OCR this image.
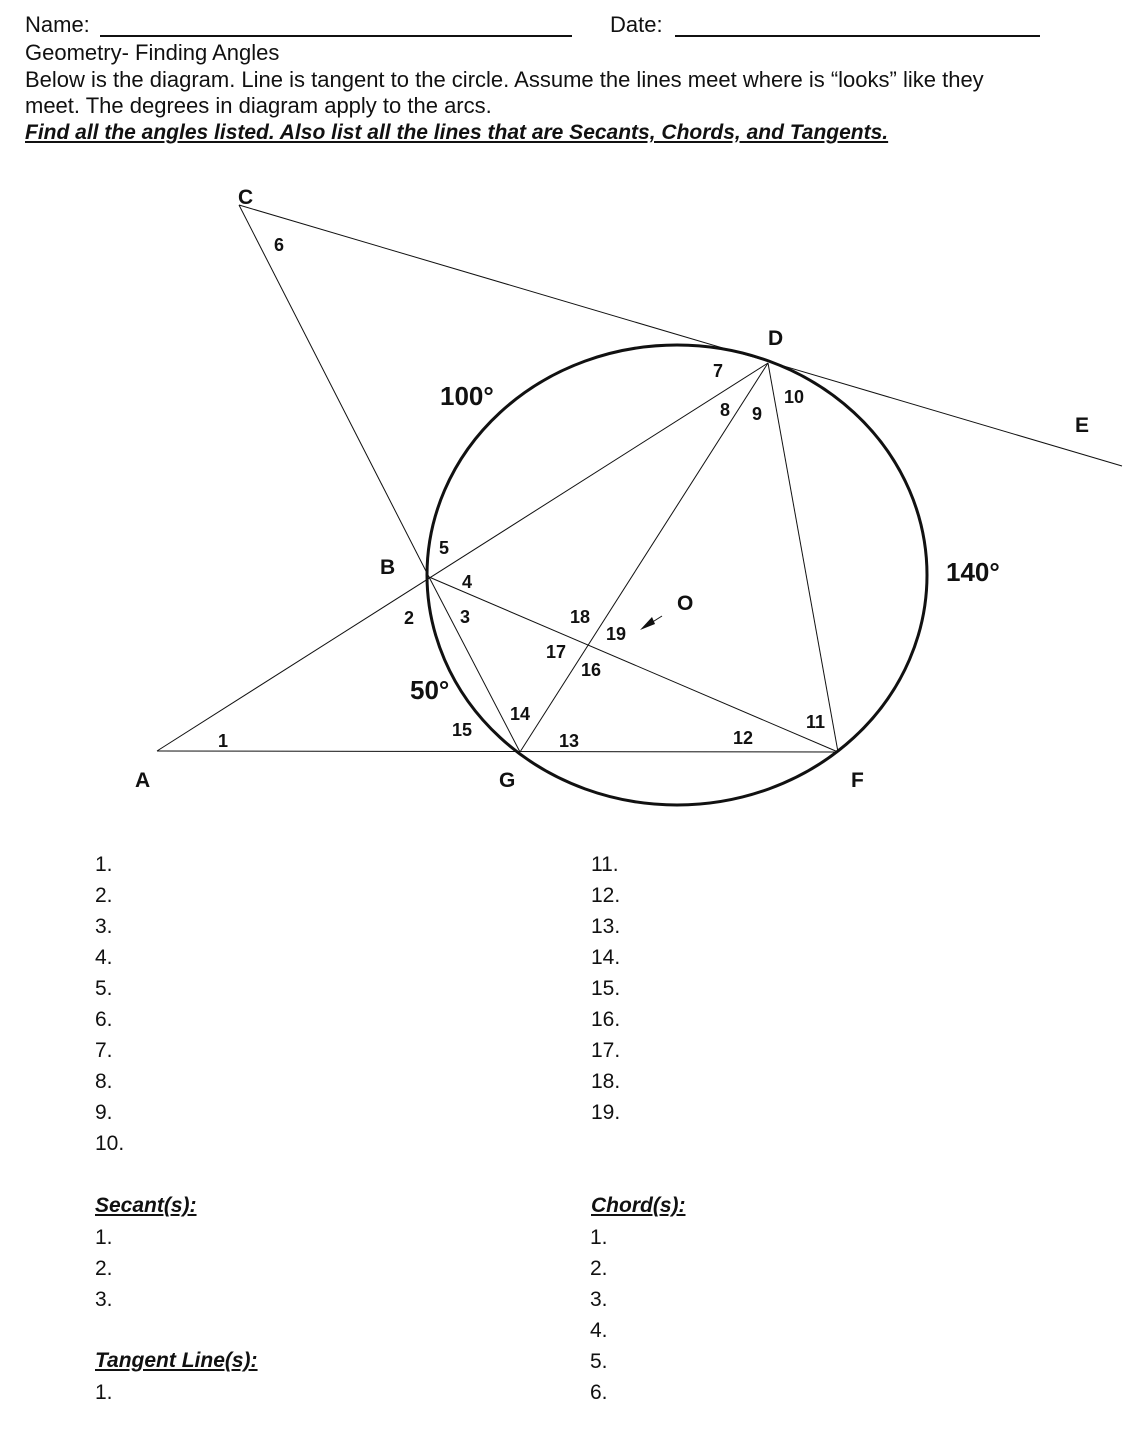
Name:	Date:
Geometry- Finding Angles
Below is the diagram. Line is tangent to the circle. Assume the lines meet where is “looks” like they
meet. The degrees in diagram apply to the arcs.
Find all the angles listed. Also list all the lines that are Secants, Chords, and Tangents.
C
D
E
B
O
A	G	F
100°
140°
50°
1
2	3
4
5
6
7
8 9
10
11
12
13
14
15
16
17
18
19
1.
2.
3.
4.
5.
6.
7.
8.
9.
10.
11.
12.
13.
14.
15.
16.
17.
18.
19.
Secant(s):
1.
2.
3.
Chord(s):
1.
2.
3.
4.
5.
6.
Tangent Line(s):
1.
